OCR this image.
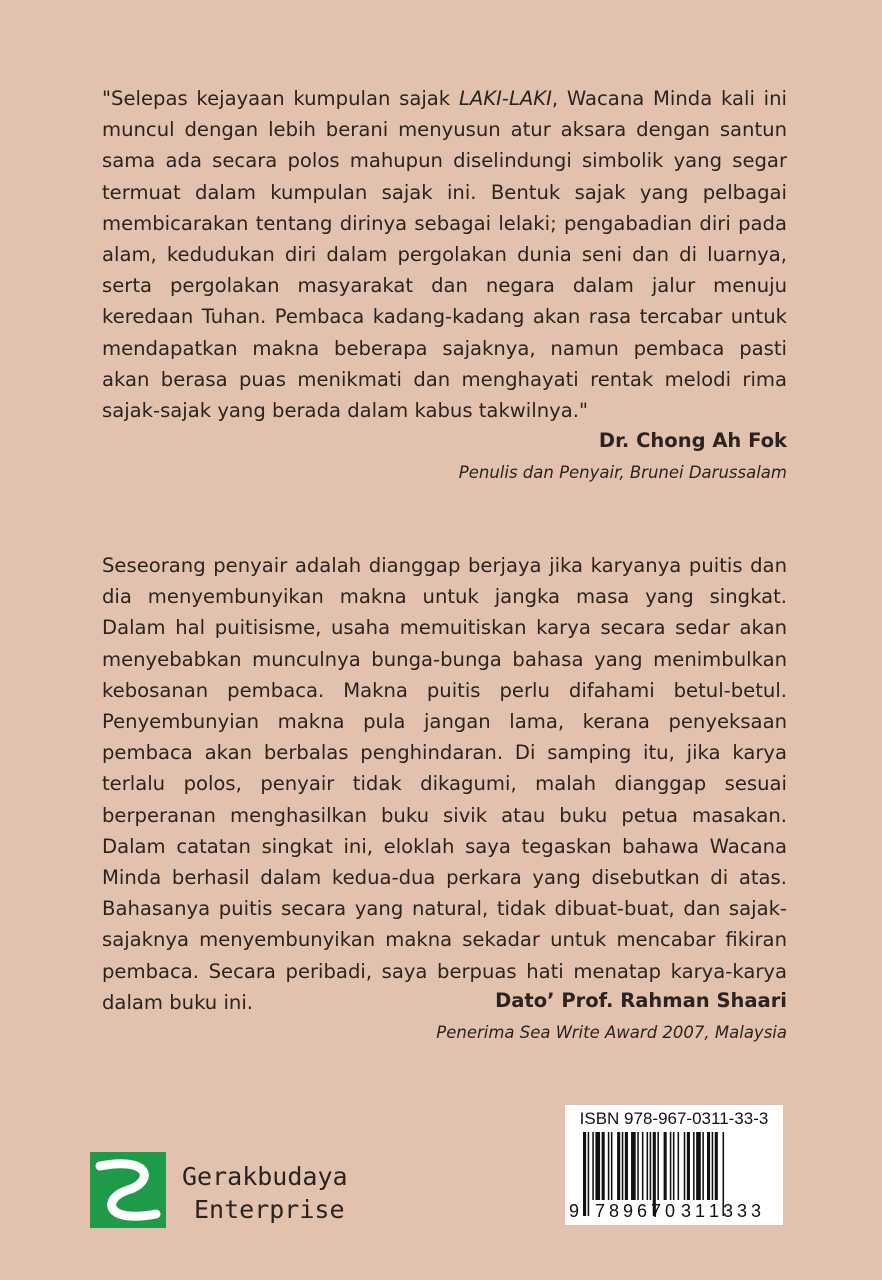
"Selepas kejayaan kumpulan sajak LAKI-LAKI, Wacana Minda kali ini muncul dengan lebih berani menyusun atur aksara dengan santun sama ada secara polos mahupun diselindungi simbolik yang segar termuat dalam kumpulan sajak ini. Bentuk sajak yang pelbagai membicarakan tentang dirinya sebagai lelaki; pengabadian diri pada alam, kedudukan diri dalam pergolakan dunia seni dan di luarnya, serta pergolakan masyarakat dan negara dalam jalur menuju keredaan Tuhan. Pembaca kadang-kadang akan rasa tercabar untuk mendapatkan makna beberapa sajaknya, namun pembaca pasti akan berasa puas menikmati dan menghayati rentak melodi rima sajak-sajak yang berada dalam kabus takwilnya."

Dr. Chong Ah Fok

Penulis dan Penyair, Brunei Darussalam

Seseorang penyair adalah dianggap berjaya jika karyanya puitis dan dia menyembunyikan makna untuk jangka masa yang singkat. Dalam hal puitisisme, usaha memuitiskan karya secara sedar akan menyebabkan munculnya bunga-bunga bahasa yang menimbulkan kebosanan pembaca. Makna puitis perlu difahami betul-betul. Penyembunyian makna pula jangan lama, kerana penyeksaan pembaca akan berbalas penghindaran. Di samping itu, jika karya terlalu polos, penyair tidak dikagumi, malah dianggap sesuai berperanan menghasilkan buku sivik atau buku petua masakan. Dalam catatan singkat ini, eloklah saya tegaskan bahawa Wacana Minda berhasil dalam kedua-dua perkara yang disebutkan di atas. Bahasanya puitis secara yang natural, tidak dibuat-buat, dan sajak-sajaknya menyembunyikan makna sekadar untuk mencabar fikiran pembaca. Secara peribadi, saya berpuas hati menatap karya-karya dalam buku ini.	Dato’ Prof. Rahman Shaari

Penerima Sea Write Award 2007, Malaysia

Gerakbudaya
Enterprise
ISBN 978-967-0311-33-3
9 7 8 9 6 7 0 3 1 1 3 3 3
